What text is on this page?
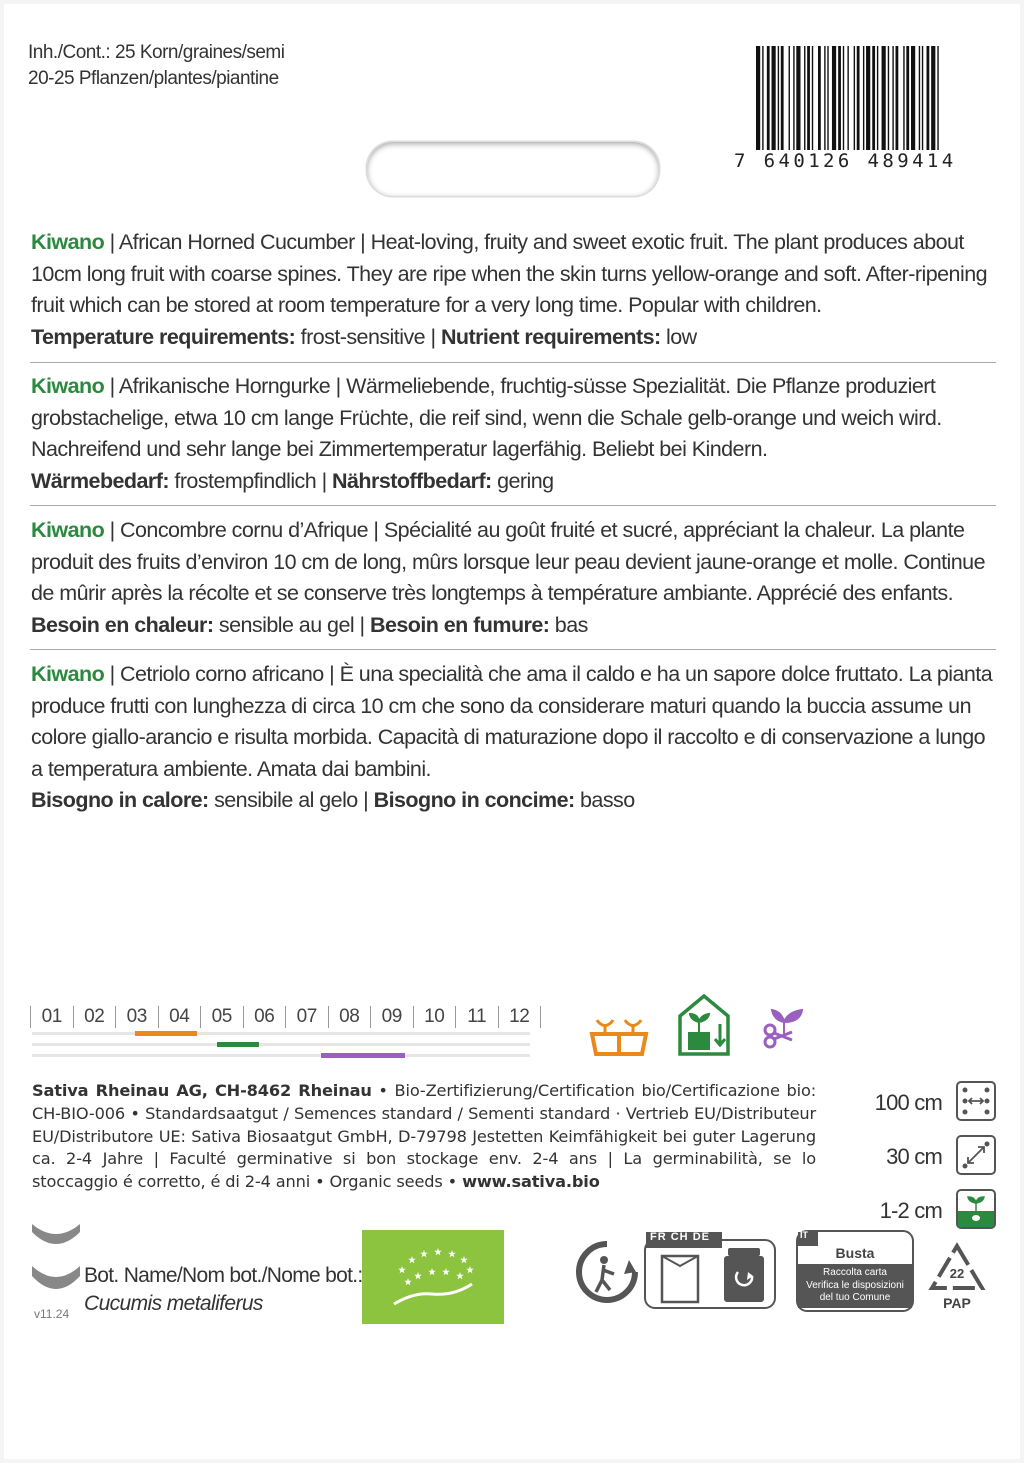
Inh./Cont.: 25 Korn/graines/semi
20-25 Pflanzen/plantes/piantine
7 640126 489414
Kiwano | African Horned Cucumber | Heat-loving, fruity and sweet exotic fruit. The plant produces about 10cm long fruit with coarse spines. They are ripe when the skin turns yellow-orange and soft. After-ripening fruit which can be stored at room temperature for a very long time. Popular with children.
Temperature requirements: frost-sensitive | Nutrient requirements: low
Kiwano | Afrikanische Horngurke | Wärmeliebende, fruchtig-süsse Spezialität. Die Pflanze produziert grobstachelige, etwa 10 cm lange Früchte, die reif sind, wenn die Schale gelb-orange und weich wird. Nachreifend und sehr lange bei Zimmertemperatur lagerfähig. Beliebt bei Kindern.
Wärmebedarf: frostempfindlich | Nährstoffbedarf: gering
Kiwano | Concombre cornu d’Afrique | Spécialité au goût fruité et sucré, appréciant la chaleur. La plante produit des fruits d’environ 10 cm de long, mûrs lorsque leur peau devient jaune-orange et molle. Continue de mûrir après la récolte et se conserve très longtemps à température ambiante. Apprécié des enfants.
Besoin en chaleur: sensible au gel | Besoin en fumure: bas
Kiwano | Cetriolo corno africano | È una specialità che ama il caldo e ha un sapore dolce fruttato. La pianta produce frutti con lunghezza di circa 10 cm che sono da considerare maturi quando la buccia assume un colore giallo-arancio e risulta morbida. Capacità di maturazione dopo il raccolto e di conservazione a lungo a temperatura ambiente. Amata dai bambini.
Bisogno in calore: sensibile al gelo | Bisogno in concime: basso
01 02 03 04 05 06 07 08 09 10 11 12
Sativa Rheinau AG, CH-8462 Rheinau • Bio-Zertifizierung/Certification bio/Certificazione bio: CH-BIO-006 • Standardsaatgut / Semences standard / Sementi standard · Vertrieb EU/Distributeur EU/Distributore UE: Sativa Biosaatgut GmbH, D-79798 Jestetten Keimfähigkeit bei guter Lagerung ca. 2-4 Jahre | Faculté germinative si bon stockage env. 2-4 ans | La germinabilità, se lo stoccaggio é corretto, é di 2-4 anni • Organic seeds • www.sativa.bio
100 cm
30 cm
1-2 cm
v11.24
Bot. Name/Nom bot./Nome bot.:
Cucumis metaliferus
FR CH DE	IT
Busta
Raccolta carta
Verifica le disposizioni
del tuo Comune
22
PAP
